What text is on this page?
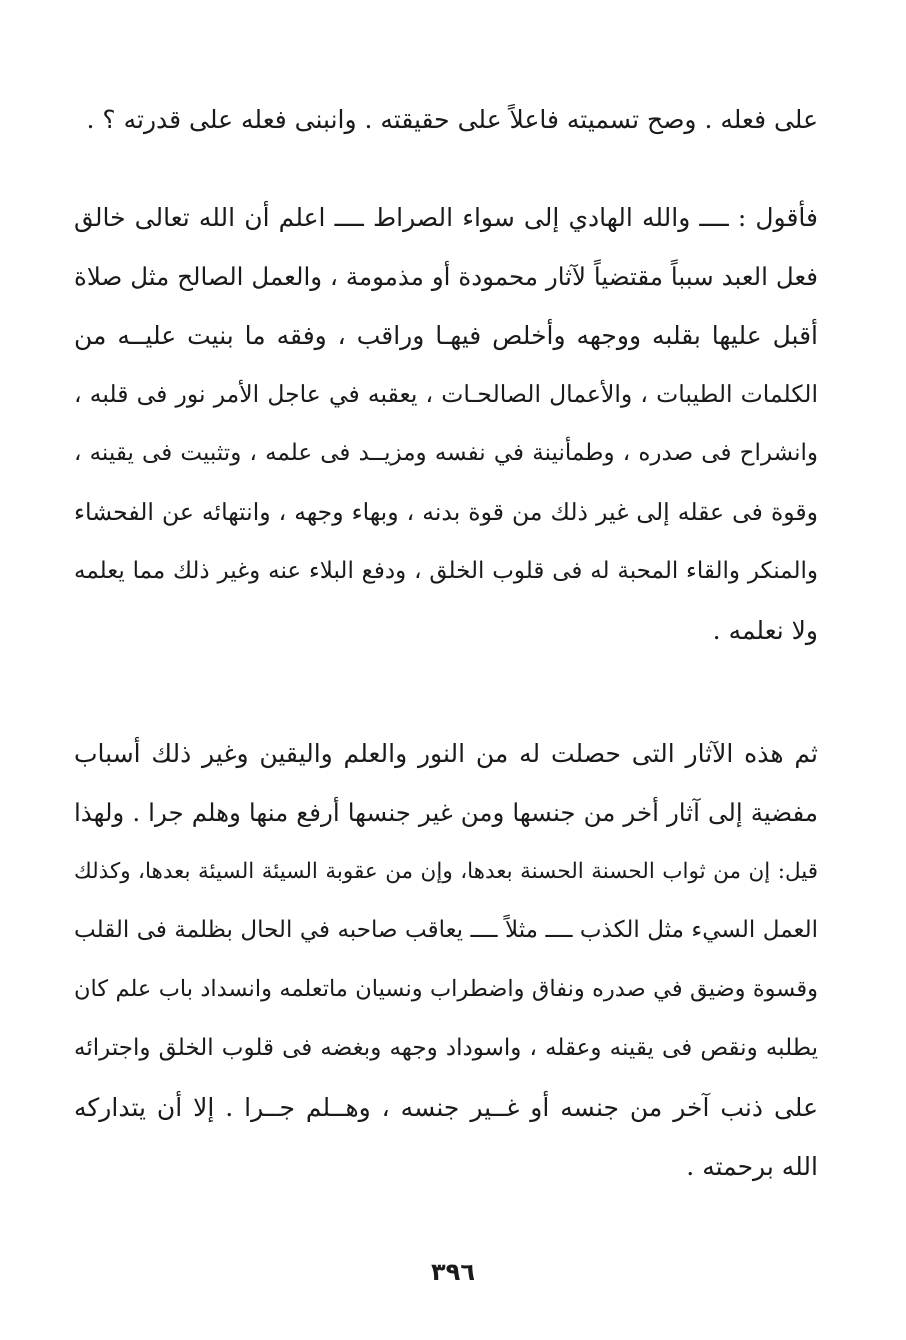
على فعله . وصح تسميته فاعلاً على حقيقته . وانبنى فعله على قدرته ؟ .
فأقول : ــــ والله الهادي إلى سواء الصراط ــــ اعلم أن الله تعالى خالق
فعل العبد سبباً مقتضياً لآثار محمودة أو مذمومة ، والعمل الصالح مثل صلاة
أقبل عليها بقلبه ووجهه وأخلص فيهـا وراقب ، وفقه ما بنيت عليــه من
الكلمات الطيبات ، والأعمال الصالحـات ، يعقبه في عاجل الأمر نور فى قلبه ،
وانشراح فى صدره ، وطمأنينة في نفسه ومزيــد فى علمه ، وتثبيت فى يقينه ،
وقوة فى عقله إلى غير ذلك من قوة بدنه ، وبهاء وجهه ، وانتهائه عن الفحشاء
والمنكر والقاء المحبة له فى قلوب الخلق ، ودفع البلاء عنه وغير ذلك مما يعلمه
ولا نعلمه .
ثم هذه الآثار التى حصلت له من النور والعلم واليقين وغير ذلك أسباب
مفضية إلى آثار أخر من جنسها ومن غير جنسها أرفع منها وهلم جرا . ولهذا
قيل: إن من ثواب الحسنة الحسنة بعدها، وإن من عقوبة السيئة السيئة بعدها، وكذلك
العمل السيء مثل الكذب ــــ مثلاً ــــ يعاقب صاحبه في الحال بظلمة فى القلب
وقسوة وضيق في صدره ونفاق واضطراب ونسيان ماتعلمه وانسداد باب علم كان
يطلبه ونقص فى يقينه وعقله ، واسوداد وجهه وبغضه فى قلوب الخلق واجترائه
على ذنب آخر من جنسه أو غــير جنسه ، وهــلم جــرا . إلا أن يتداركه
الله برحمته .
٣٩٦
